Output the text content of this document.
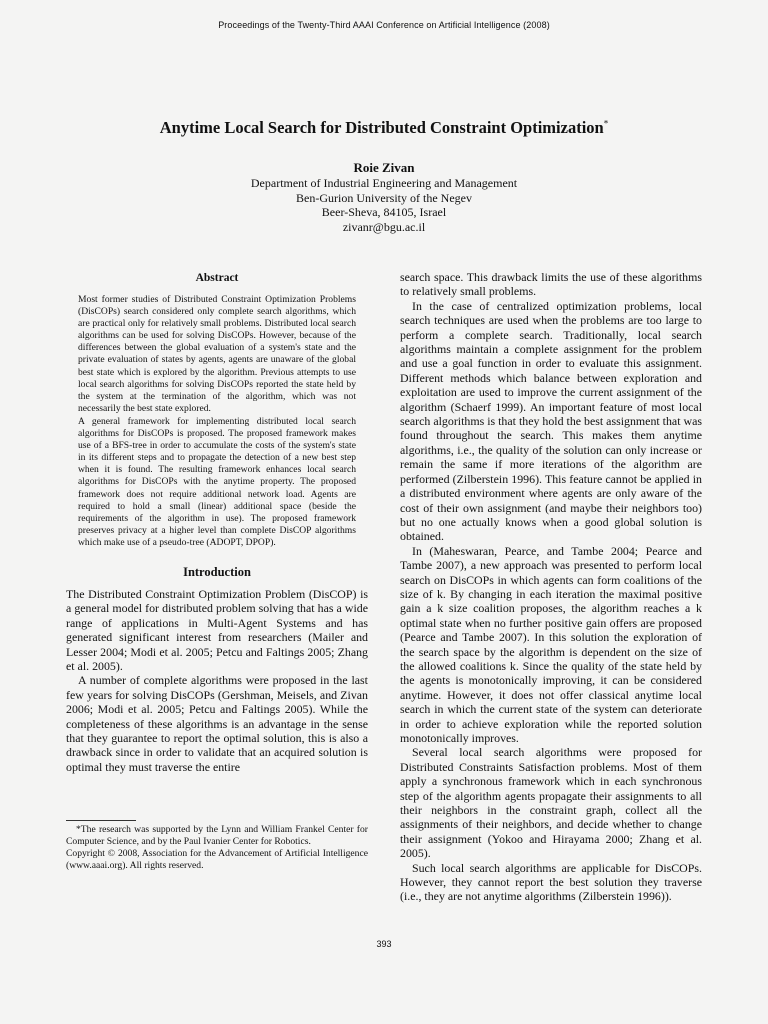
Proceedings of the Twenty-Third AAAI Conference on Artificial Intelligence (2008)
Anytime Local Search for Distributed Constraint Optimization*
Roie Zivan
Department of Industrial Engineering and Management
Ben-Gurion University of the Negev
Beer-Sheva, 84105, Israel
zivanr@bgu.ac.il
Abstract

Most former studies of Distributed Constraint Optimization Problems (DisCOPs) search considered only complete search algorithms, which are practical only for relatively small problems. Distributed local search algorithms can be used for solving DisCOPs. However, because of the differences between the global evaluation of a system's state and the private evaluation of states by agents, agents are unaware of the global best state which is explored by the algorithm. Previous attempts to use local search algorithms for solving DisCOPs reported the state held by the system at the termination of the algorithm, which was not necessarily the best state explored.

A general framework for implementing distributed local search algorithms for DisCOPs is proposed. The proposed framework makes use of a BFS-tree in order to accumulate the costs of the system's state in its different steps and to propagate the detection of a new best step when it is found. The resulting framework enhances local search algorithms for DisCOPs with the anytime property. The proposed framework does not require additional network load. Agents are required to hold a small (linear) additional space (beside the requirements of the algorithm in use). The proposed framework preserves privacy at a higher level than complete DisCOP algorithms which make use of a pseudo-tree (ADOPT, DPOP).

Introduction

The Distributed Constraint Optimization Problem (DisCOP) is a general model for distributed problem solving that has a wide range of applications in Multi-Agent Systems and has generated significant interest from researchers (Mailer and Lesser 2004; Modi et al. 2005; Petcu and Faltings 2005; Zhang et al. 2005).

A number of complete algorithms were proposed in the last few years for solving DisCOPs (Gershman, Meisels, and Zivan 2006; Modi et al. 2005; Petcu and Faltings 2005). While the completeness of these algorithms is an advantage in the sense that they guarantee to report the optimal solution, this is also a drawback since in order to validate that an acquired solution is optimal they must traverse the entire

search space. This drawback limits the use of these algorithms to relatively small problems.

In the case of centralized optimization problems, local search techniques are used when the problems are too large to perform a complete search. Traditionally, local search algorithms maintain a complete assignment for the problem and use a goal function in order to evaluate this assignment. Different methods which balance between exploration and exploitation are used to improve the current assignment of the algorithm (Schaerf 1999). An important feature of most local search algorithms is that they hold the best assignment that was found throughout the search. This makes them anytime algorithms, i.e., the quality of the solution can only increase or remain the same if more iterations of the algorithm are performed (Zilberstein 1996). This feature cannot be applied in a distributed environment where agents are only aware of the cost of their own assignment (and maybe their neighbors too) but no one actually knows when a good global solution is obtained.

In (Maheswaran, Pearce, and Tambe 2004; Pearce and Tambe 2007), a new approach was presented to perform local search on DisCOPs in which agents can form coalitions of the size of k. By changing in each iteration the maximal positive gain a k size coalition proposes, the algorithm reaches a k optimal state when no further positive gain offers are proposed (Pearce and Tambe 2007). In this solution the exploration of the search space by the algorithm is dependent on the size of the allowed coalitions k. Since the quality of the state held by the agents is monotonically improving, it can be considered anytime. However, it does not offer classical anytime local search in which the current state of the system can deteriorate in order to achieve exploration while the reported solution monotonically improves.

Several local search algorithms were proposed for Distributed Constraints Satisfaction problems. Most of them apply a synchronous framework which in each synchronous step of the algorithm agents propagate their assignments to all their neighbors in the constraint graph, collect all the assignments of their neighbors, and decide whether to change their assignment (Yokoo and Hirayama 2000; Zhang et al. 2005).

Such local search algorithms are applicable for DisCOPs. However, they cannot report the best solution they traverse (i.e., they are not anytime algorithms (Zilberstein 1996)).

*The research was supported by the Lynn and William Frankel Center for Computer Science, and by the Paul Ivanier Center for Robotics.

Copyright © 2008, Association for the Advancement of Artificial Intelligence (www.aaai.org). All rights reserved.

393
